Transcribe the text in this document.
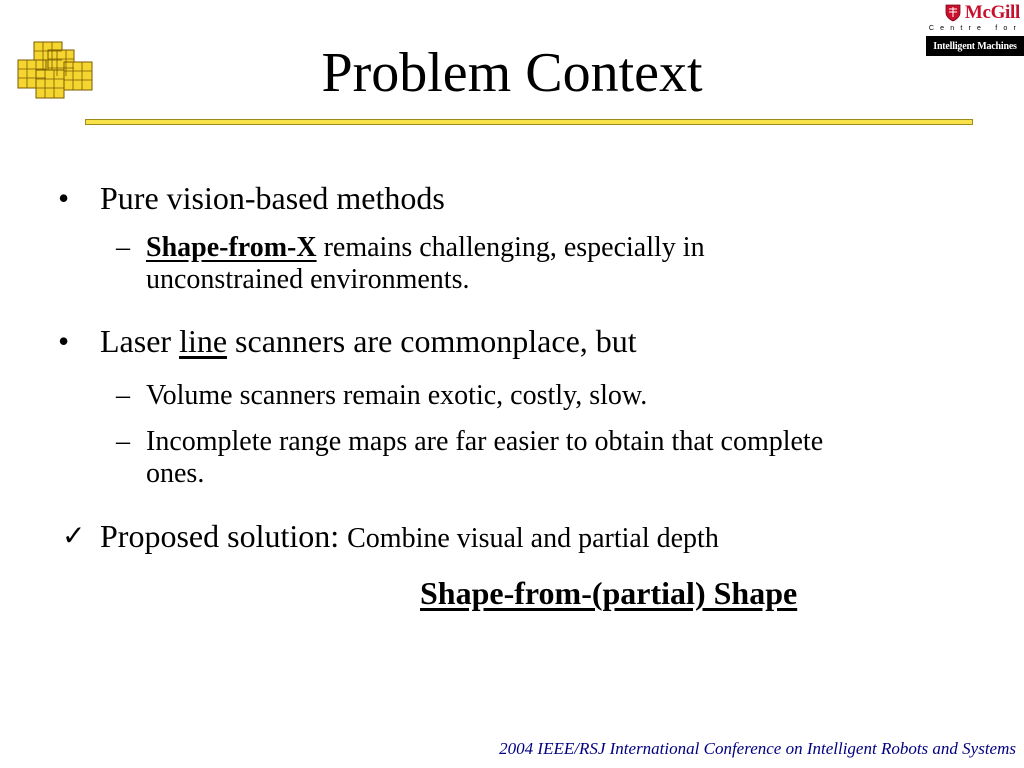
McGill
Centre for
Intelligent Machines
Problem Context
• Pure vision-based methods
– Shape-from-X remains challenging, especially in
unconstrained environments.
• Laser line scanners are commonplace, but
– Volume scanners remain exotic, costly, slow.
– Incomplete range maps are far easier to obtain that complete
ones.
✓ Proposed solution: Combine visual and partial depth
Shape-from-(partial) Shape
2004 IEEE/RSJ International Conference on Intelligent Robots and Systems
